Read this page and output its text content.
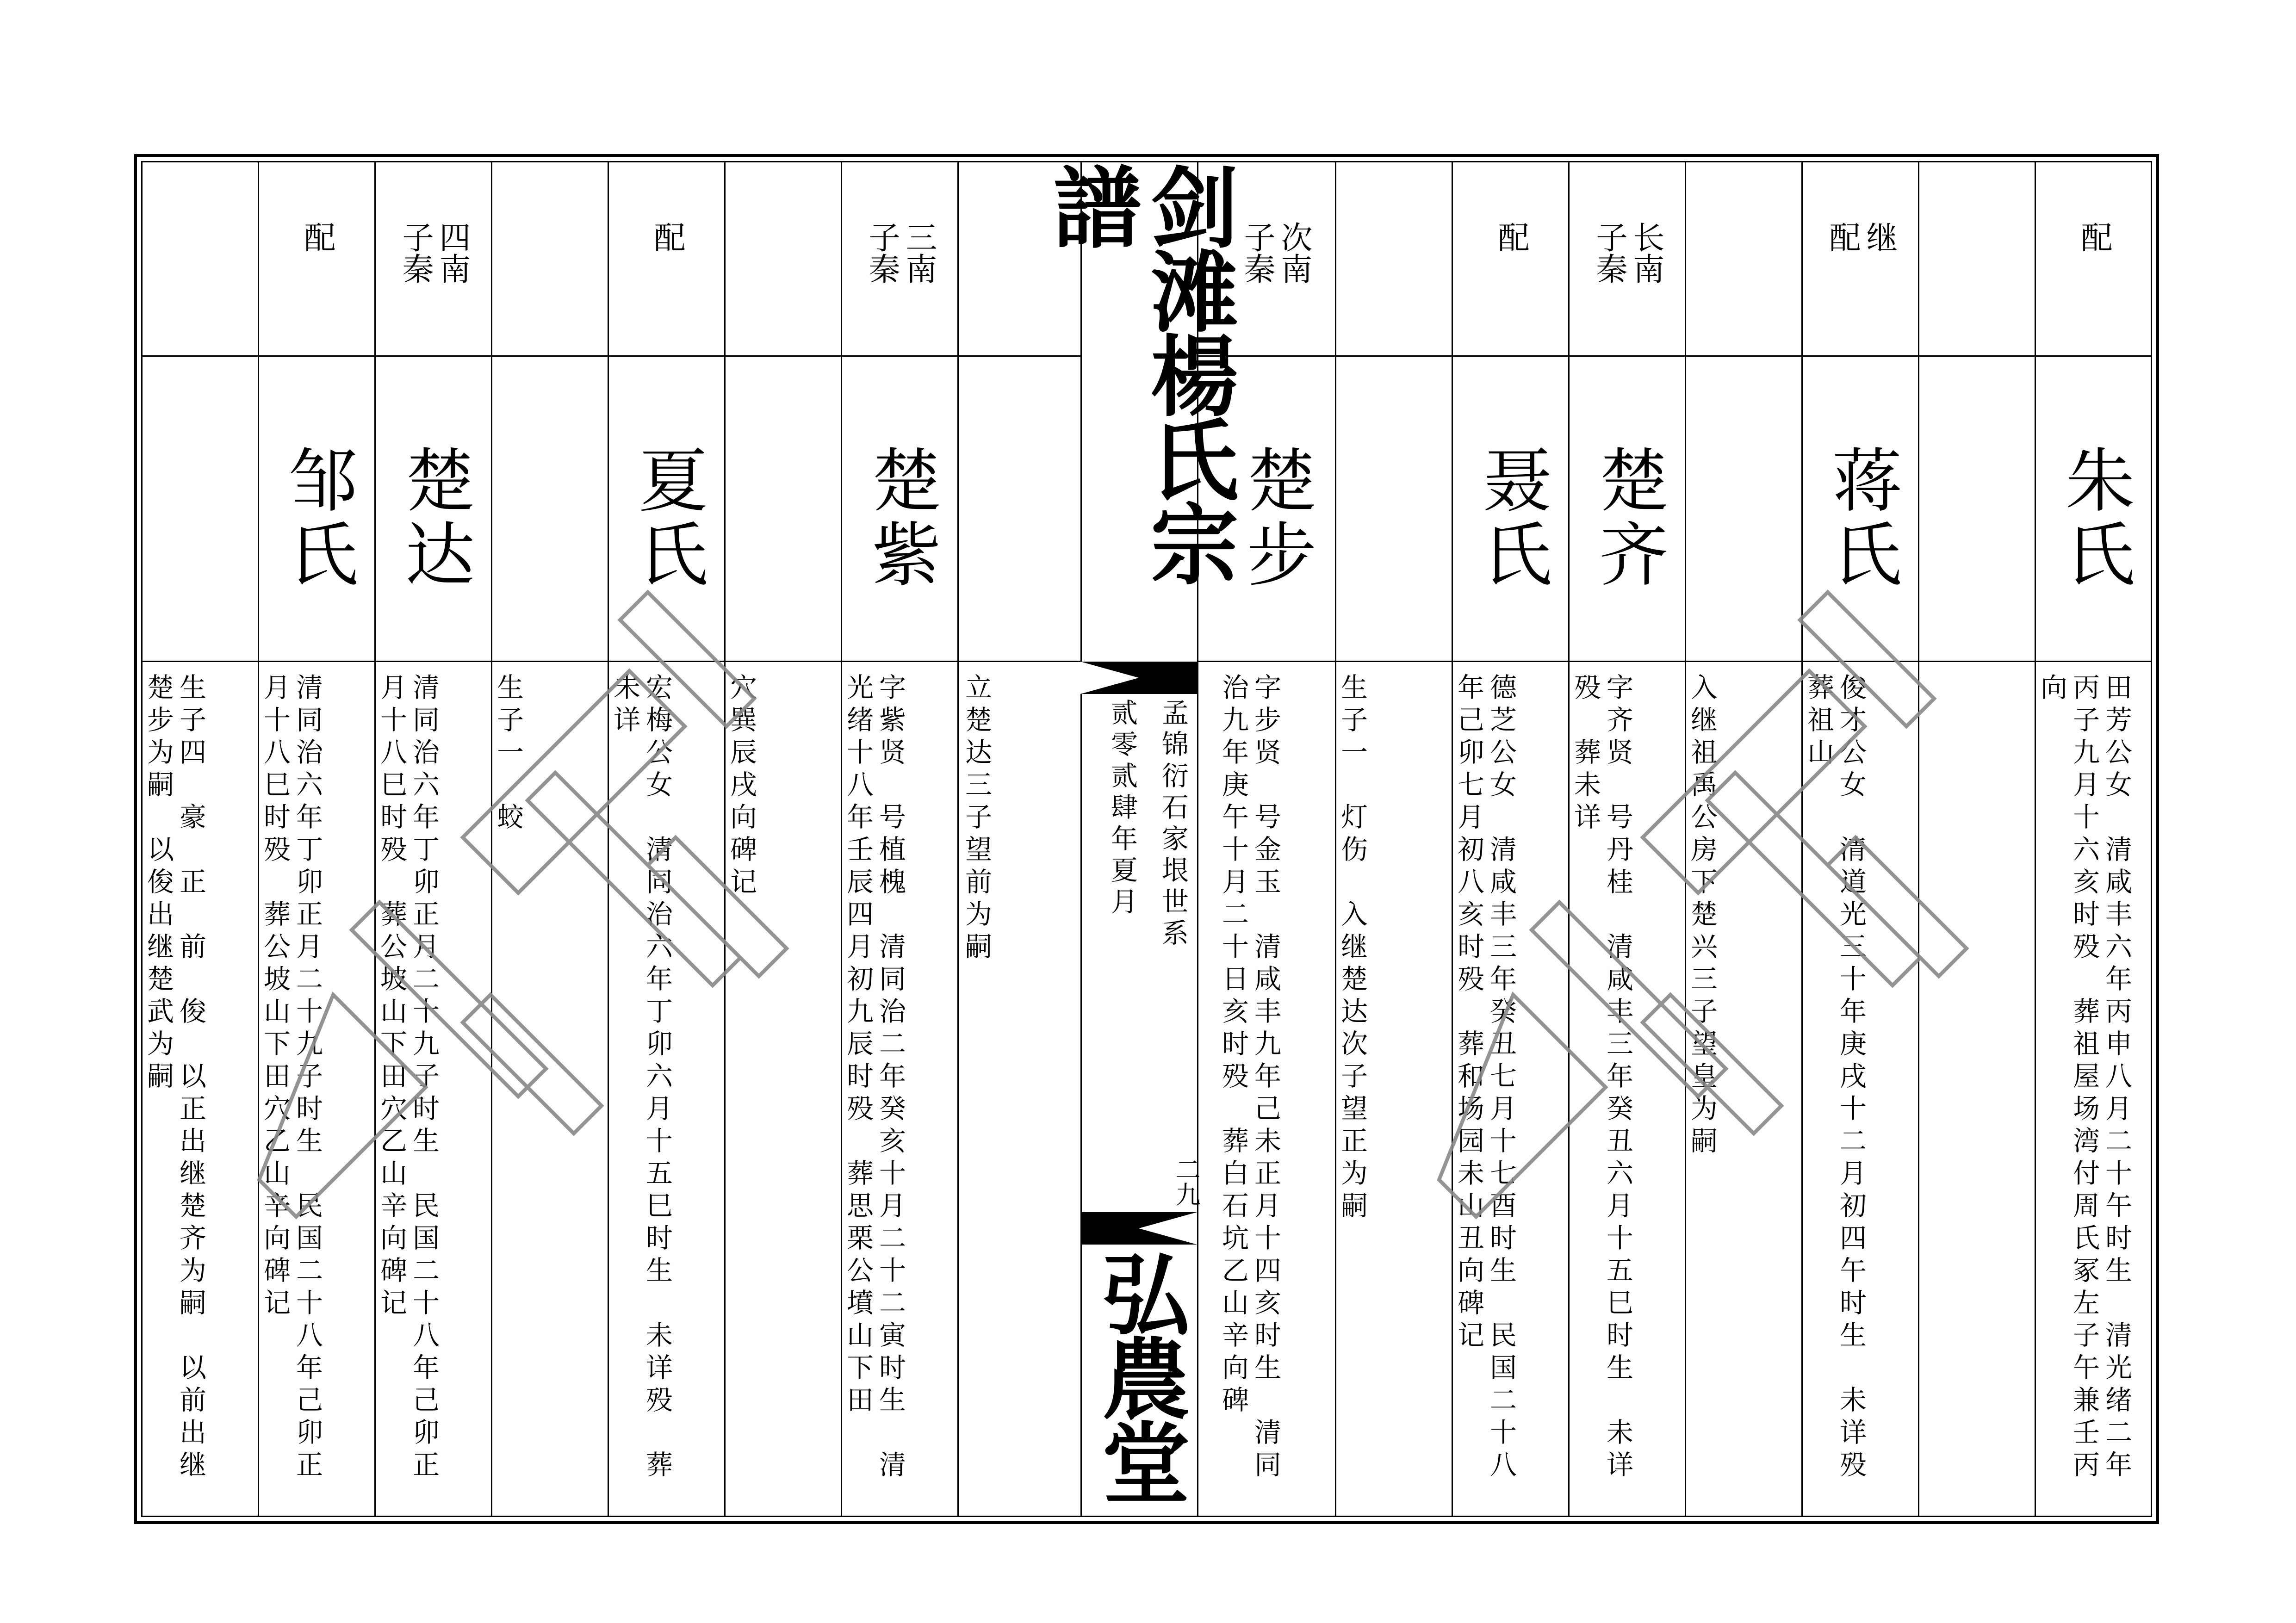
剑滩楊氏宗譜
孟锦衍石家垠世系
贰零贰肆年夏月
二九
弘農堂
配
朱氏
田芳公女　清咸丰六年丙申八月二十午时生　清光绪二年丙子九月十六亥时殁　葬祖屋场湾付周氏冢左子午兼壬丙向
继
配
蒋氏
俊才公女　清道光三十年庚戌十二月初四午时生　未详殁　葬祖山
入继祖禹公房下楚兴三子望皇为嗣
长南
子秦
楚齐
字齐贤　号丹桂　清咸丰三年癸丑六月十五巳时生　未详殁　葬未详
配
聂氏
德芝公女　清咸丰三年癸丑七月十七酉时生　民国二十八年己卯七月初八亥时殁　葬和场园未山丑向碑记
生子一　灯伤　入继楚达次子望正为嗣
次南
子秦
楚步
字步贤　号金玉　清咸丰九年己未正月十四亥时生　清同治九年庚午十月二十日亥时殁　葬白石坑乙山辛向碑
立楚达三子望前为嗣
三南
子秦
楚紫
字紫贤　号植槐　清同治二年癸亥十月二十二寅时生　清光绪十八年壬辰四月初九辰时殁　葬思栗公墳山下田
穴巽辰戌向碑记
配
夏氏
宏梅公女　清同治六年丁卯六月十五巳时生　未详殁　葬未详
生子一　蛟
四南
子秦
楚达
清同治六年丁卯正月二十九子时生　民国二十八年己卯正月十八巳时殁　葬公坡山下田穴乙山辛向碑记
配
邹氏
清同治六年丁卯正月二十九子时生　民国二十八年己卯正月十八巳时殁　葬公坡山下田穴乙山辛向碑记
生子四　豪　正　前　俊　以正出继楚齐为嗣　以前出继楚步为嗣　以俊出继楚武为嗣
